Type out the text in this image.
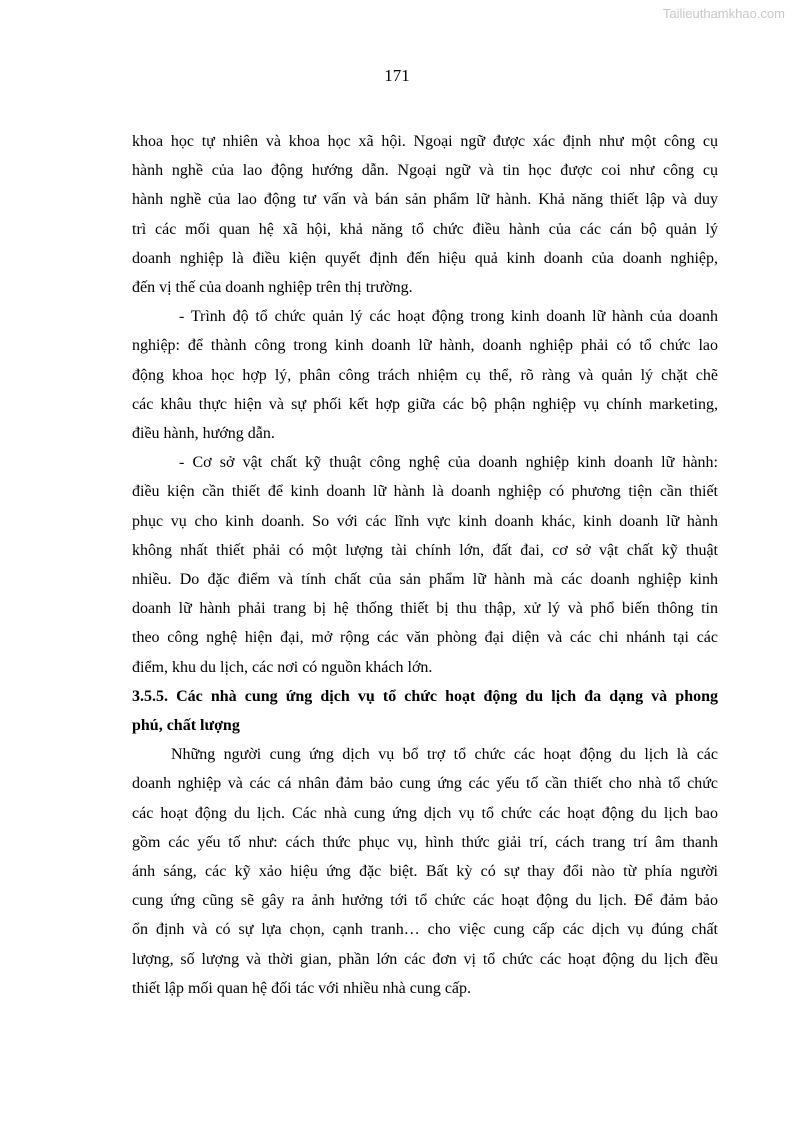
Tailieuthamkhao.com
171
khoa học tự nhiên và khoa học xã hội. Ngoại ngữ được xác định như một công cụ
hành nghề của lao động hướng dẫn. Ngoại ngữ và tin học được coi như công cụ
hành nghề của lao động tư vấn và bán sản phẩm lữ hành. Khả năng thiết lập và duy
trì các mối quan hệ xã hội, khả năng tổ chức điều hành của các cán bộ quản lý
doanh nghiệp là điều kiện quyết định đến hiệu quả kinh doanh của doanh nghiệp,
đến vị thế của doanh nghiệp trên thị trường.
- Trình độ tổ chức quản lý các hoạt động trong kinh doanh lữ hành của doanh
nghiệp: để thành công trong kinh doanh lữ hành, doanh nghiệp phải có tổ chức lao
động khoa học hợp lý, phân công trách nhiệm cụ thể, rõ ràng và quản lý chặt chẽ
các khâu thực hiện và sự phối kết hợp giữa các bộ phận nghiệp vụ chính marketing,
điều hành, hướng dẫn.
- Cơ sở vật chất kỹ thuật công nghệ của doanh nghiệp kinh doanh lữ hành:
điều kiện cần thiết để kinh doanh lữ hành là doanh nghiệp có phương tiện cần thiết
phục vụ cho kinh doanh. So với các lĩnh vực kinh doanh khác, kinh doanh lữ hành
không nhất thiết phải có một lượng tài chính lớn, đất đai, cơ sở vật chất kỹ thuật
nhiều. Do đặc điểm và tính chất của sản phẩm lữ hành mà các doanh nghiệp kinh
doanh lữ hành phải trang bị hệ thống thiết bị thu thập, xử lý và phổ biến thông tin
theo công nghệ hiện đại, mở rộng các văn phòng đại diện và các chi nhánh tại các
điểm, khu du lịch, các nơi có nguồn khách lớn.
3.5.5. Các nhà cung ứng dịch vụ tổ chức hoạt động du lịch đa dạng và phong
phú, chất lượng
Những người cung ứng dịch vụ bổ trợ tổ chức các hoạt động du lịch là các
doanh nghiệp và các cá nhân đảm bảo cung ứng các yếu tố cần thiết cho nhà tổ chức
các hoạt động du lịch. Các nhà cung ứng dịch vụ tổ chức các hoạt động du lịch bao
gồm các yếu tố như: cách thức phục vụ, hình thức giải trí, cách trang trí âm thanh
ánh sáng, các kỹ xảo hiệu ứng đặc biệt. Bất kỳ có sự thay đổi nào từ phía người
cung ứng cũng sẽ gây ra ảnh hưởng tới tổ chức các hoạt động du lịch. Để đảm bảo
ổn định và có sự lựa chọn, cạnh tranh… cho việc cung cấp các dịch vụ đúng chất
lượng, số lượng và thời gian, phần lớn các đơn vị tổ chức các hoạt động du lịch đều
thiết lập mối quan hệ đối tác với nhiều nhà cung cấp.
